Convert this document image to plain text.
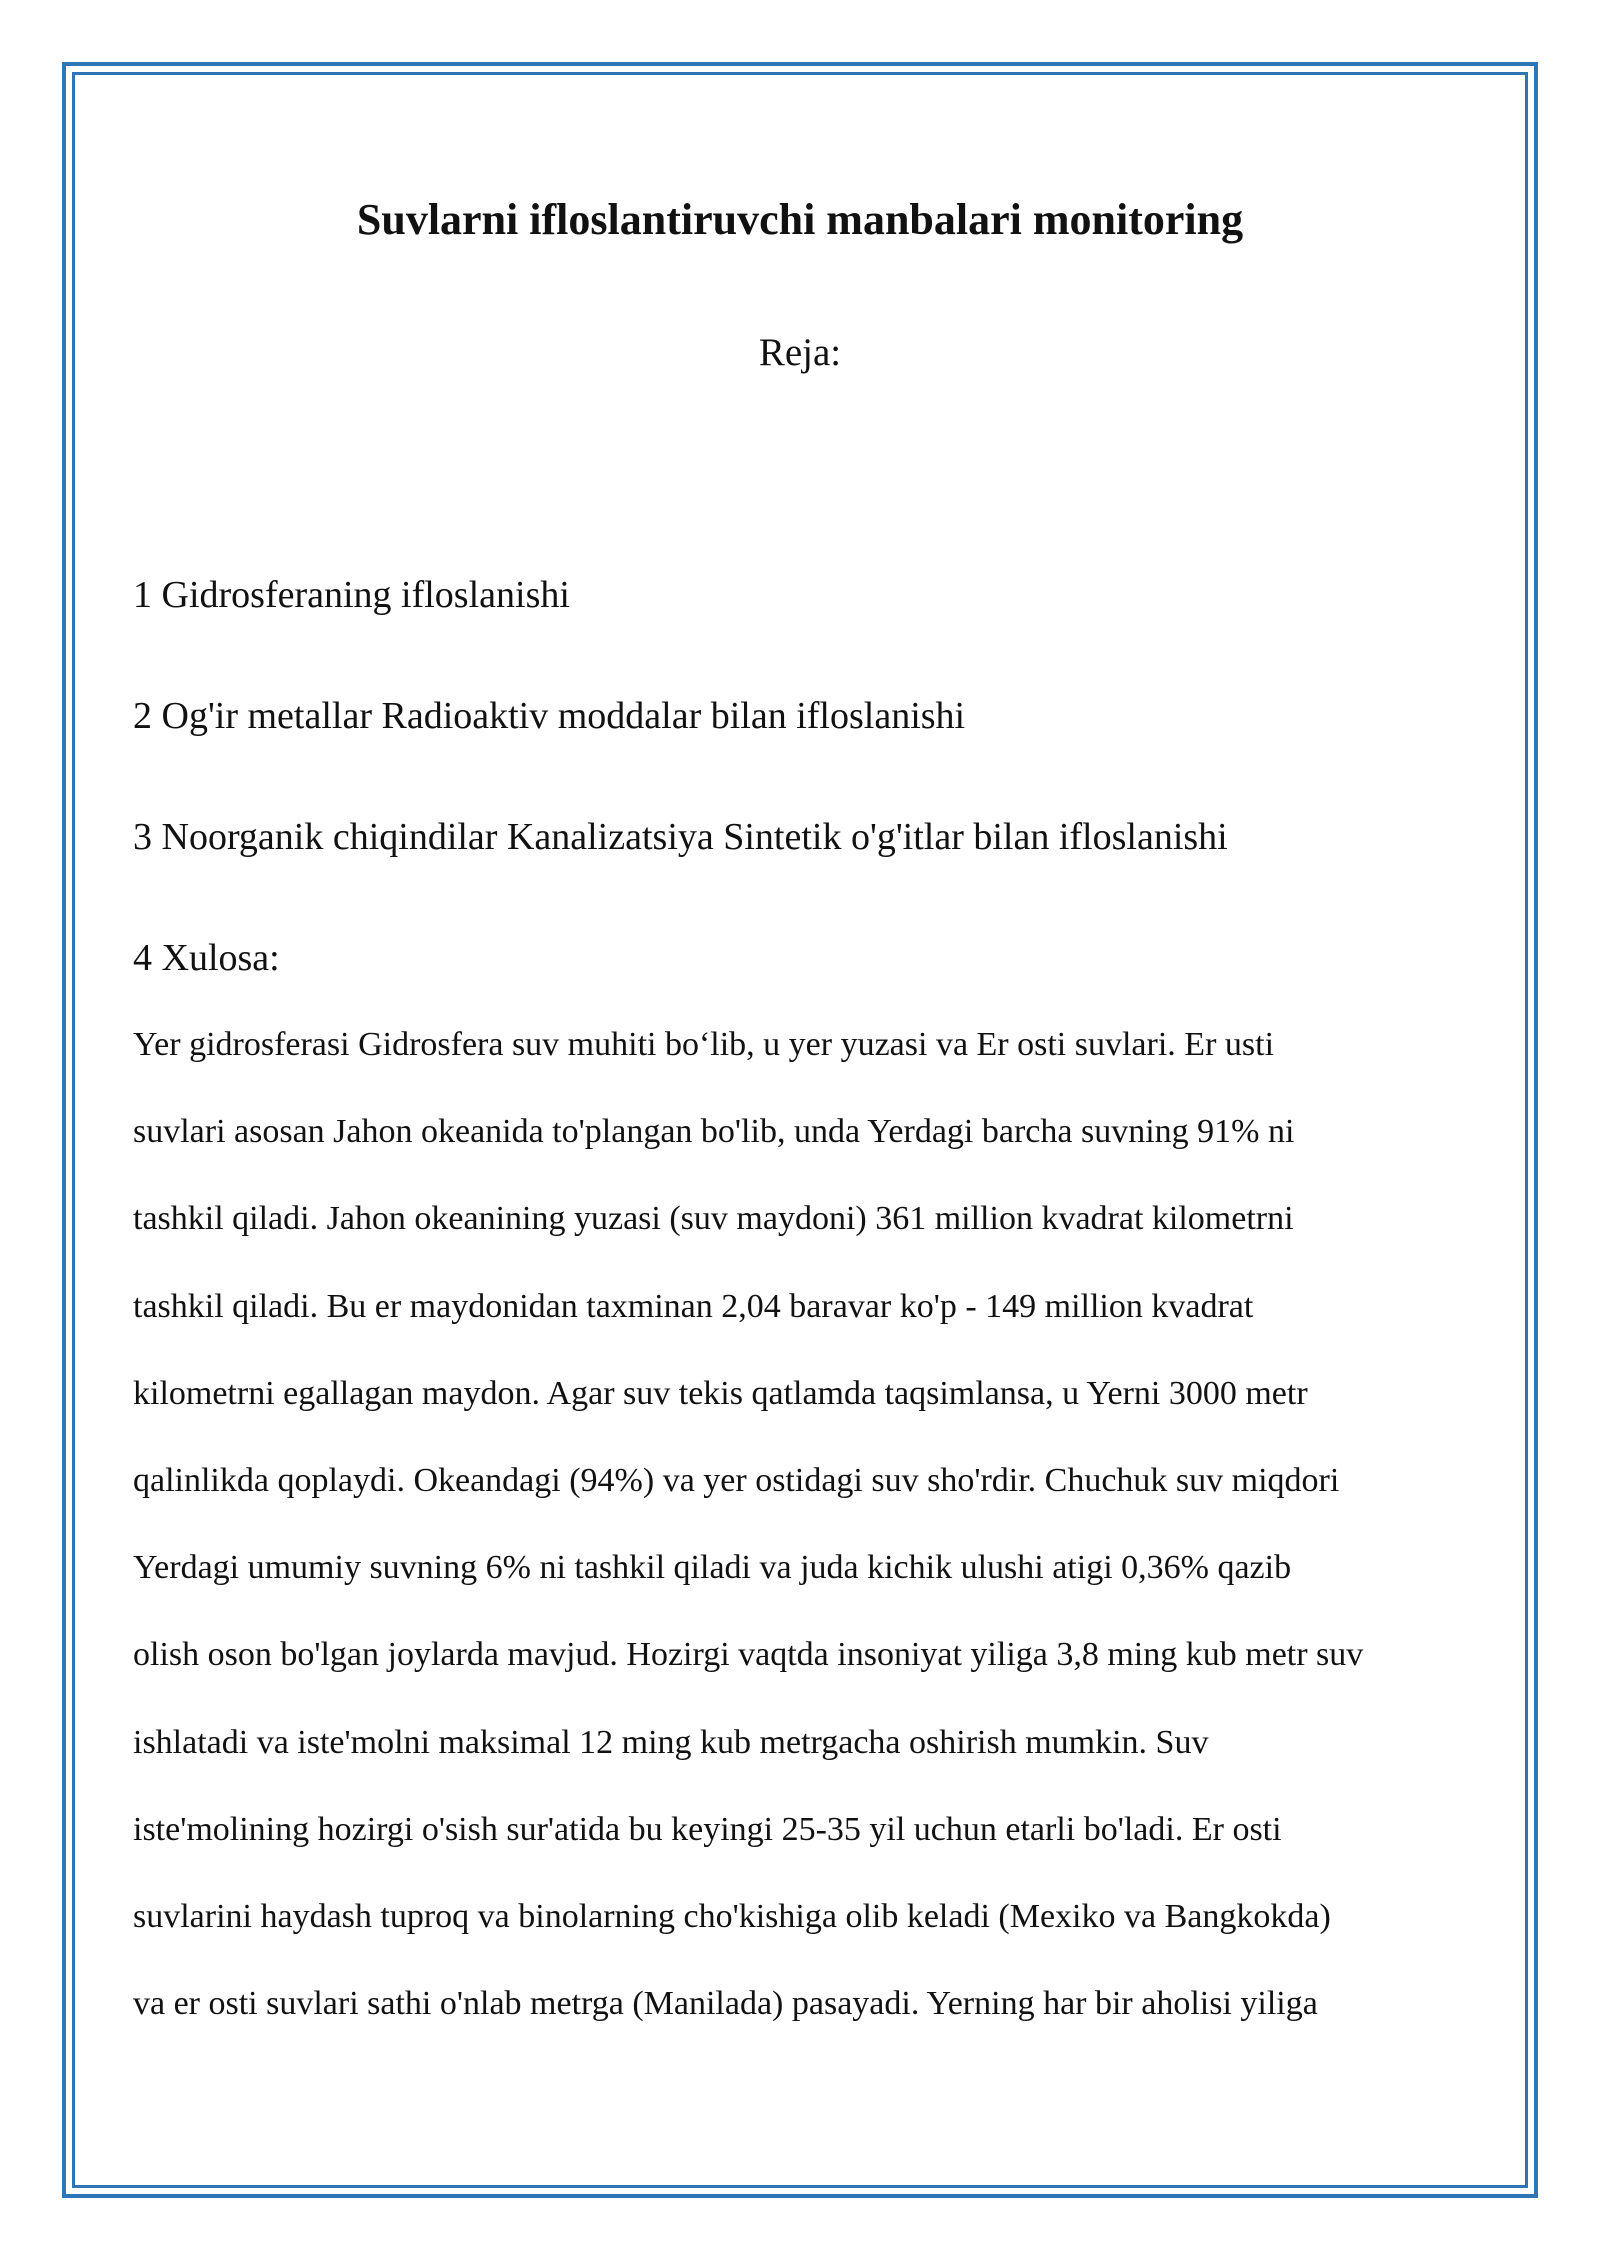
Suvlarni ifloslantiruvchi manbalari monitoring
Reja:
1 Gidrosferaning ifloslanishi
2 Og'ir metallar Radioaktiv moddalar bilan ifloslanishi
3 Noorganik chiqindilar Kanalizatsiya Sintetik o'g'itlar bilan ifloslanishi
4 Xulosa:
Yer gidrosferasi Gidrosfera suv muhiti bo‘lib, u yer yuzasi va Er osti suvlari. Er usti
suvlari asosan Jahon okeanida to'plangan bo'lib, unda Yerdagi barcha suvning 91% ni
tashkil qiladi. Jahon okeanining yuzasi (suv maydoni) 361 million kvadrat kilometrni
tashkil qiladi. Bu er maydonidan taxminan 2,04 baravar ko'p - 149 million kvadrat
kilometrni egallagan maydon. Agar suv tekis qatlamda taqsimlansa, u Yerni 3000 metr
qalinlikda qoplaydi. Okeandagi (94%) va yer ostidagi suv sho'rdir. Chuchuk suv miqdori
Yerdagi umumiy suvning 6% ni tashkil qiladi va juda kichik ulushi atigi 0,36% qazib
olish oson bo'lgan joylarda mavjud. Hozirgi vaqtda insoniyat yiliga 3,8 ming kub metr suv
ishlatadi va iste'molni maksimal 12 ming kub metrgacha oshirish mumkin. Suv
iste'molining hozirgi o'sish sur'atida bu keyingi 25-35 yil uchun etarli bo'ladi. Er osti
suvlarini haydash tuproq va binolarning cho'kishiga olib keladi (Mexiko va Bangkokda)
va er osti suvlari sathi o'nlab metrga (Manilada) pasayadi. Yerning har bir aholisi yiliga
